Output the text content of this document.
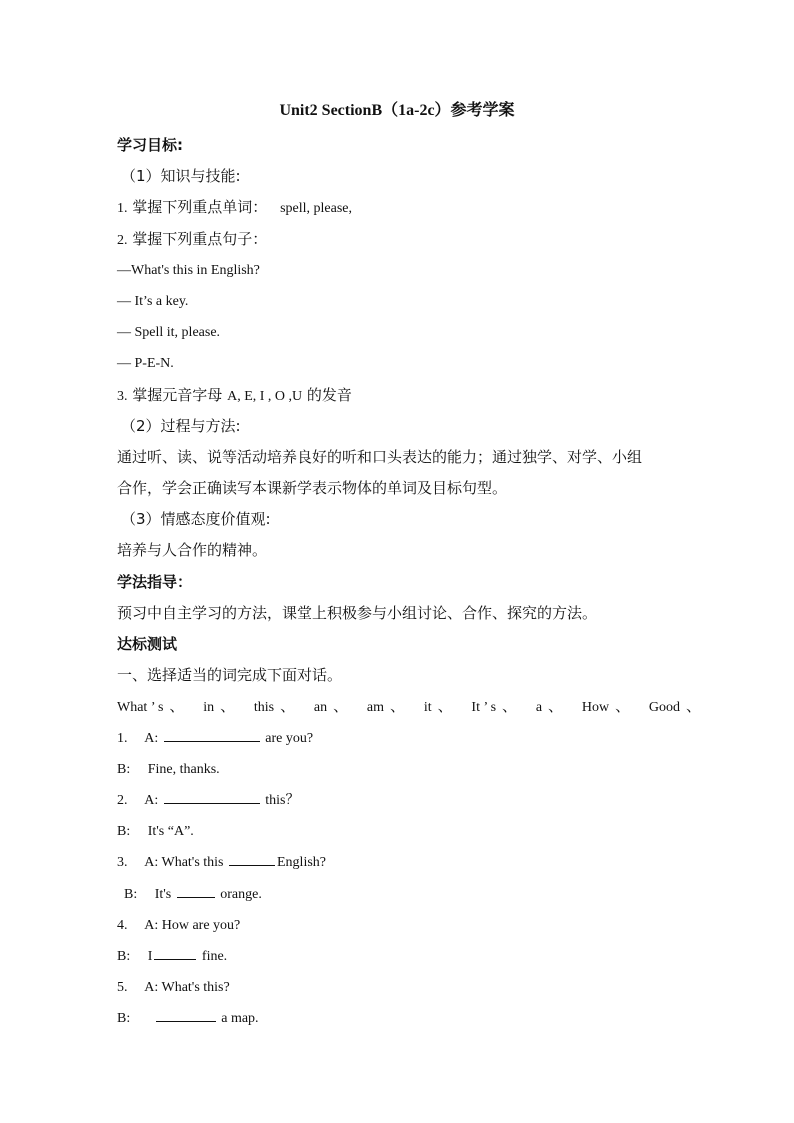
Unit2 SectionB（1a-2c）参考学案
学习目标:
（1）知识与技能:
1. 掌握下列重点单词： spell, please,
2. 掌握下列重点句子：
—What's this in English?
— It’s a key.
— Spell it, please.
— P-E-N.
3. 掌握元音字母 A, E, I , O ,U 的发音
（2）过程与方法:
通过听、读、说等活动培养良好的听和口头表达的能力；通过独学、对学、小组
合作，学会正确读写本课新学表示物体的单词及目标句型。
（3）情感态度价值观:
培养与人合作的精神。
学法指导：
预习中自主学习的方法，课堂上积极参与小组讨论、合作、探究的方法。
达标测试
一、选择适当的词完成下面对话。
What ’ s 、 in 、 this 、 an 、 am 、 it 、 It ’ s 、 a 、 How 、 Good 、
1. A:	are you?
B: Fine, thanks.
2. A:	this？
B: It's “A”.
3. A: What's this	English?
B: It's	orange.
4. A: How are you?
B: I	fine.
5. A: What's this?
B:	a map.
